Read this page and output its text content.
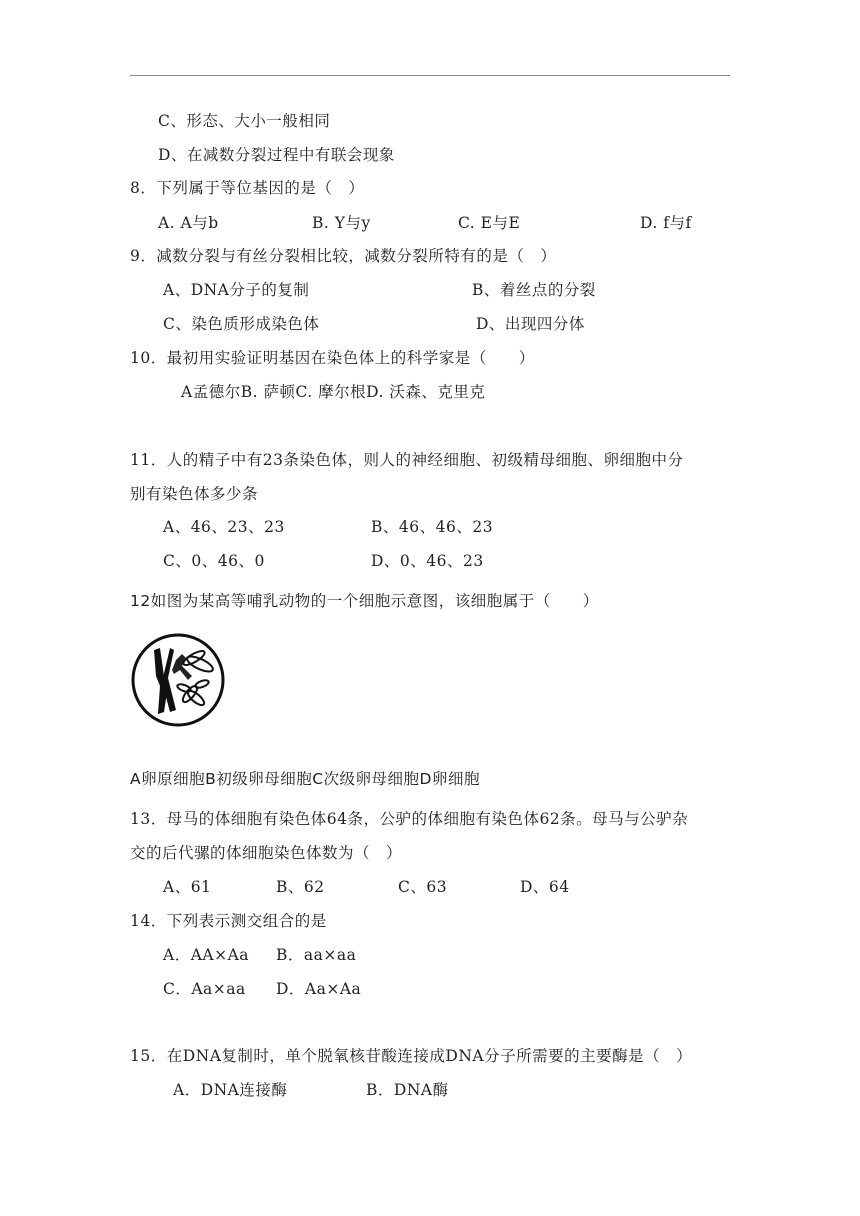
C、形态、大小一般相同
D、在减数分裂过程中有联会现象
8．下列属于等位基因的是（　）
A. A与b	B. Y与y	C. E与E	D. f与f
9．减数分裂与有丝分裂相比较，减数分裂所特有的是（　）
A、DNA分子的复制	B、着丝点的分裂
C、染色质形成染色体	D、出现四分体
10．最初用实验证明基因在染色体上的科学家是（　　）
A孟德尔B. 萨顿C. 摩尔根D. 沃森、克里克
11．人的精子中有23条染色体，则人的神经细胞、初级精母细胞、卵细胞中分
别有染色体多少条
A、46、23、23	B、46、46、23
C、0、46、0	D、0、46、23
12如图为某高等哺乳动物的一个细胞示意图，该细胞属于（　　）
A卵原细胞B初级卵母细胞C次级卵母细胞D卵细胞
13．母马的体细胞有染色体64条，公驴的体细胞有染色体62条。母马与公驴杂
交的后代骡的体细胞染色体数为（　）
A、61	B、62	C、63	D、64
14．下列表示测交组合的是
A．AA×Aa B．aa×aa
C．Aa×aa D．Aa×Aa
15．在DNA复制时，单个脱氧核苷酸连接成DNA分子所需要的主要酶是（　）
A．DNA连接酶	B．DNA酶
